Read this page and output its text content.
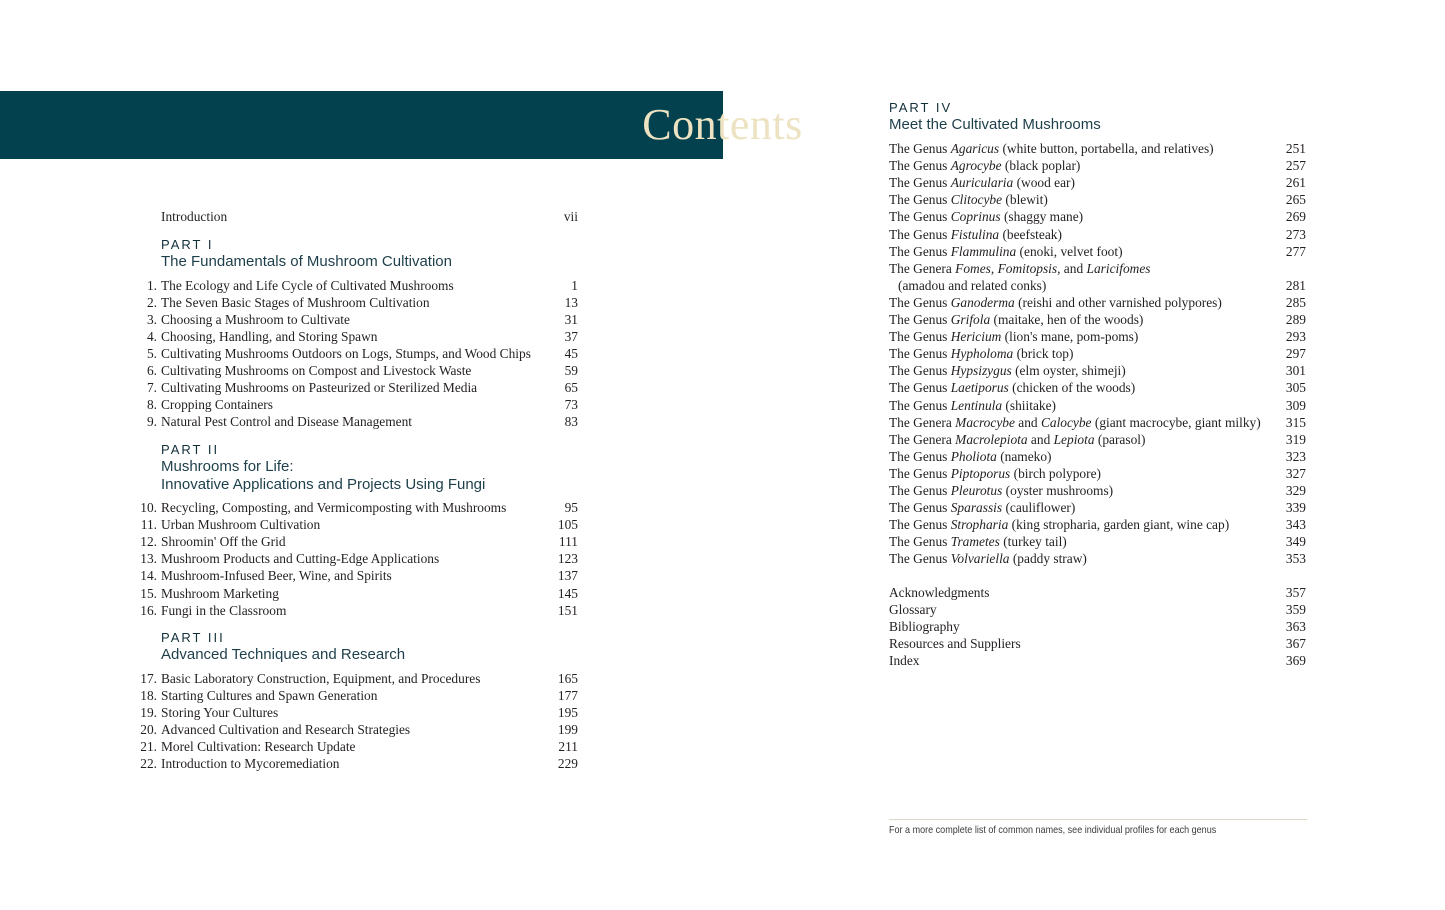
Contents
Introduction	vii
PART I
The Fundamentals of Mushroom Cultivation
1. The Ecology and Life Cycle of Cultivated Mushrooms	1
2. The Seven Basic Stages of Mushroom Cultivation	13
3. Choosing a Mushroom to Cultivate	31
4. Choosing, Handling, and Storing Spawn	37
5. Cultivating Mushrooms Outdoors on Logs, Stumps, and Wood Chips	45
6. Cultivating Mushrooms on Compost and Livestock Waste	59
7. Cultivating Mushrooms on Pasteurized or Sterilized Media	65
8. Cropping Containers	73
9. Natural Pest Control and Disease Management	83
PART II
Mushrooms for Life:
Innovative Applications and Projects Using Fungi
10. Recycling, Composting, and Vermicomposting with Mushrooms	95
11. Urban Mushroom Cultivation	105
12. Shroomin' Off the Grid	111
13. Mushroom Products and Cutting-Edge Applications	123
14. Mushroom-Infused Beer, Wine, and Spirits	137
15. Mushroom Marketing	145
16. Fungi in the Classroom	151
PART III
Advanced Techniques and Research
17. Basic Laboratory Construction, Equipment, and Procedures	165
18. Starting Cultures and Spawn Generation	177
19. Storing Your Cultures	195
20. Advanced Cultivation and Research Strategies	199
21. Morel Cultivation: Research Update	211
22. Introduction to Mycoremediation	229
PART IV
Meet the Cultivated Mushrooms
The Genus Agaricus (white button, portabella, and relatives)	251
The Genus Agrocybe (black poplar)	257
The Genus Auricularia (wood ear)	261
The Genus Clitocybe (blewit)	265
The Genus Coprinus (shaggy mane)	269
The Genus Fistulina (beefsteak)	273
The Genus Flammulina (enoki, velvet foot)	277
The Genera Fomes, Fomitopsis, and Laricifomes
(amadou and related conks)	281
The Genus Ganoderma (reishi and other varnished polypores)	285
The Genus Grifola (maitake, hen of the woods)	289
The Genus Hericium (lion's mane, pom-poms)	293
The Genus Hypholoma (brick top)	297
The Genus Hypsizygus (elm oyster, shimeji)	301
The Genus Laetiporus (chicken of the woods)	305
The Genus Lentinula (shiitake)	309
The Genera Macrocybe and Calocybe (giant macrocybe, giant milky) 315
The Genera Macrolepiota and Lepiota (parasol)	319
The Genus Pholiota (nameko)	323
The Genus Piptoporus (birch polypore)	327
The Genus Pleurotus (oyster mushrooms)	329
The Genus Sparassis (cauliflower)	339
The Genus Stropharia (king stropharia, garden giant, wine cap)	343
The Genus Trametes (turkey tail)	349
The Genus Volvariella (paddy straw)	353
Acknowledgments	357
Glossary	359
Bibliography	363
Resources and Suppliers	367
Index	369
For a more complete list of common names, see individual profiles for each genus
